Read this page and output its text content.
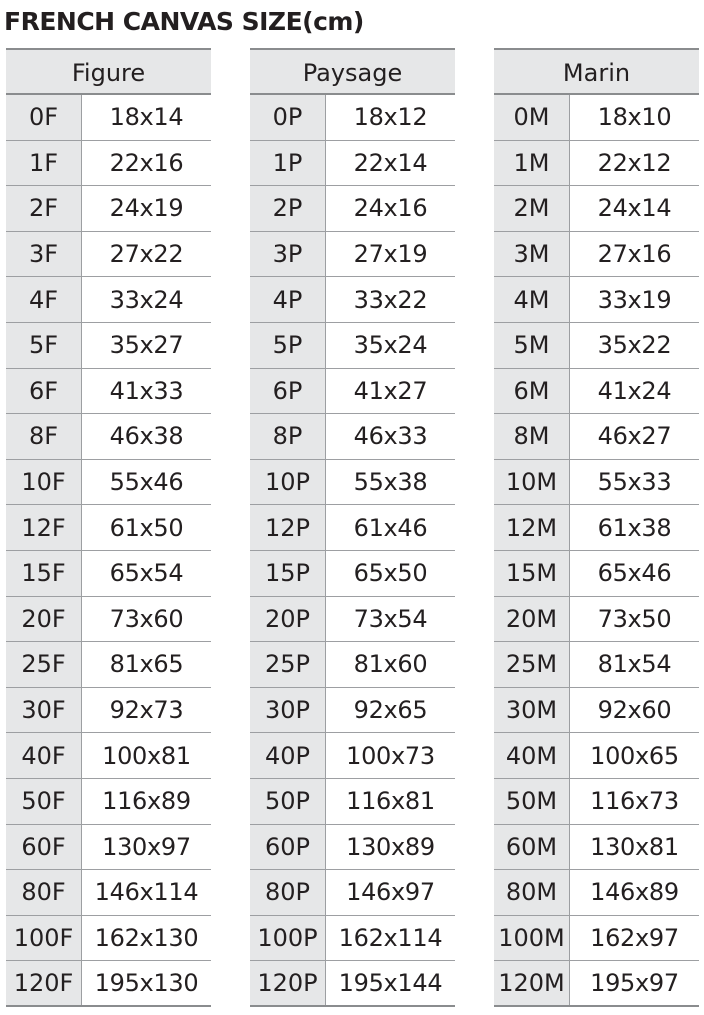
FRENCH CANVAS SIZE(cm)
Figure
0F	18x14
1F	22x16
2F	24x19
3F	27x22
4F	33x24
5F	35x27
6F	41x33
8F	46x38
10F	55x46
12F	61x50
15F	65x54
20F	73x60
25F	81x65
30F	92x73
40F	100x81
50F	116x89
60F	130x97
80F	146x114
100F 162x130
120F 195x130
Paysage
0P	18x12
1P	22x14
2P	24x16
3P	27x19
4P	33x22
5P	35x24
6P	41x27
8P	46x33
10P	55x38
12P	61x46
15P	65x50
20P	73x54
25P	81x60
30P	92x65
40P	100x73
50P	116x81
60P	130x89
80P	146x97
100P 162x114
120P 195x144
Marin
0M	18x10
1M	22x12
2M	24x14
3M	27x16
4M	33x19
5M	35x22
6M	41x24
8M	46x27
10M	55x33
12M	61x38
15M	65x46
20M	73x50
25M	81x54
30M	92x60
40M	100x65
50M	116x73
60M	130x81
80M	146x89
100M	162x97
120M	195x97
